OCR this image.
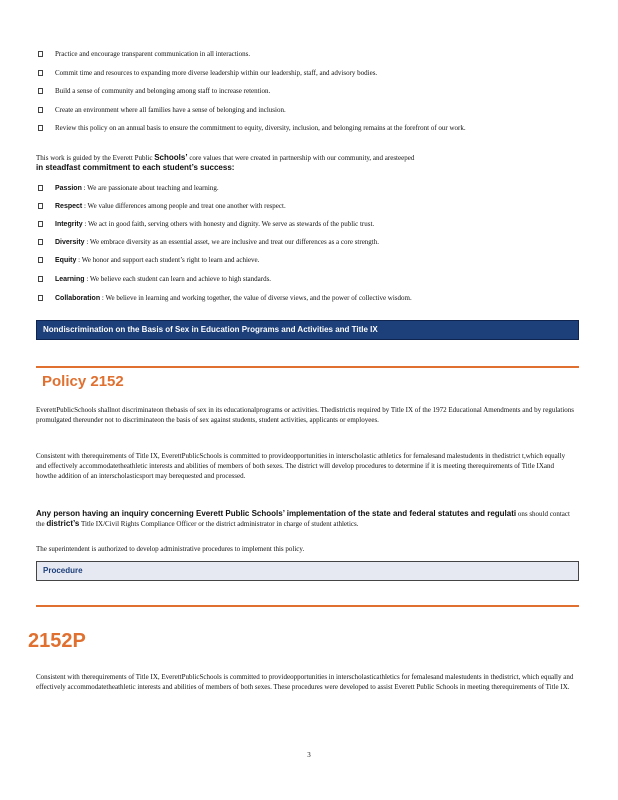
Practice and encourage transparent communication in all interactions.
Commit time and resources to expanding more diverse leadership within our leadership, staff, and advisory bodies.
Build a sense of community and belonging among staff to increase retention.
Create an environment where all families have a sense of belonging and inclusion.
Review this policy on an annual basis to ensure the commitment to equity, diversity, inclusion, and belonging remains at the forefront of our work.
This work is guided by the Everett Public Schools’ core values that were created in partnership with our community, and aresteeped
in steadfast commitment to each student’s success:
Passion : We are passionate about teaching and learning.
Respect : We value differences among people and treat one another with respect.
Integrity : We act in good faith, serving others with honesty and dignity. We serve as stewards of the public trust.
Diversity : We embrace diversity as an essential asset, we are inclusive and treat our differences as a core strength.
Equity : We honor and support each student’s right to learn and achieve.
Learning : We believe each student can learn and achieve to high standards.
Collaboration : We believe in learning and working together, the value of diverse views, and the power of collective wisdom.
Nondiscrimination on the Basis of Sex in Education Programs and Activities and Title IX
Policy 2152
EverettPublicSchools shallnot discriminateon thebasis of sex in its educationalprograms or activities. Thedistrictis required by Title IX of the 1972 Educational Amendments and by regulations promulgated thereunder not to discriminateon the basis of sex against students, student activities, applicants or employees.
Consistent with therequirements of Title IX, EverettPublicSchools is committed to provideopportunities in interscholastic athletics for femalesand malestudents in thedistrict t,which equally and effectively accommodatetheathletic interests and abilities of members of both sexes. The district will develop procedures to determine if it is meeting therequirements of Title IXand howthe addition of an interscholasticsport may berequested and processed.
Any person having an inquiry concerning Everett Public Schools’ implementation of the state and federal statutes and regulati ons should contact the district’s Title IX/Civil Rights Compliance Officer or the district administrator in charge of student athletics.
The superintendent is authorized to develop administrative procedures to implement this policy.
Procedure
2152P
Consistent with therequirements of Title IX, EverettPublicSchools is committed to provideopportunities in interscholasticathletics for femalesand malestudents in thedistrict, which equally and effectively accommodatetheathletic interests and abilities of members of both sexes. These procedures were developed to assist Everett Public Schools in meeting therequirements of Title IX.
3
